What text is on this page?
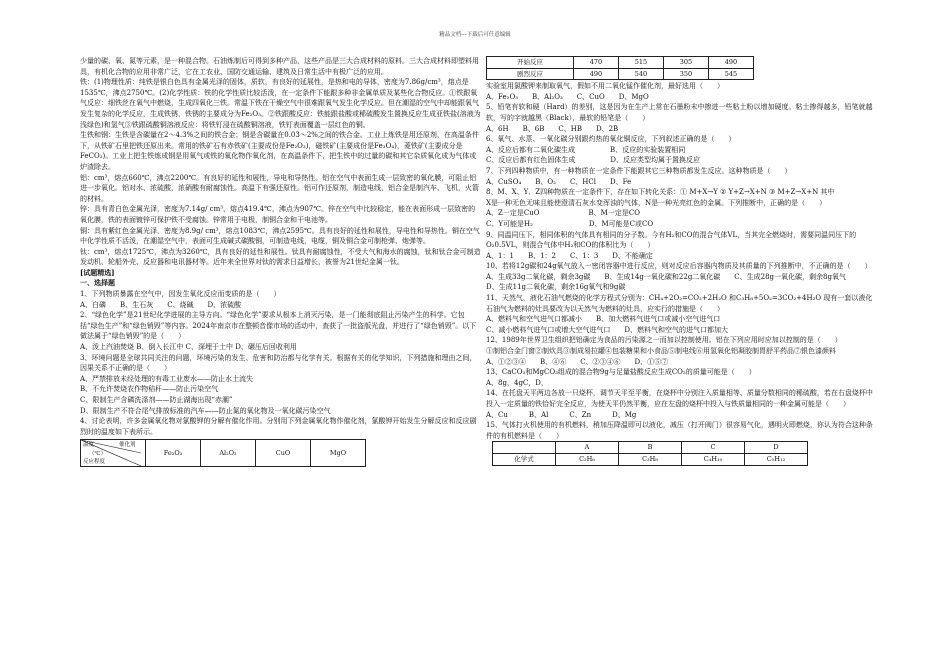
精品文档---下载后可任意编辑

少量的碳、氧、氮等元素，是一种混合物。石油炼制后可得到多种产品，这些产品是三大合成材料的原料。三大合成材料即塑料用具，有机化合物的应用非常广泛，它在工农业、国防交通运输、建筑及日常生活中有极广泛的应用。

铁：(1)物理性质：纯铁是银白色具有金属光泽的固体，质软，有良好的延展性，是热和电的导体，密度为7.86g/cm³，熔点是1535℃，沸点2750℃。(2)化学性质：铁的化学性质比较活泼，在一定条件下能跟多种非金属单质及某些化合物反应。①铁跟氧气反应：细铁丝在氧气中燃烧，生成四氧化三铁。常温下铁在干燥空气中很难跟氧气发生化学反应。但在潮湿的空气中却能跟氧气发生复杂的化学反应，生成铁锈，铁锈的主要成分为Fe₂O₃。②铁跟酸反应：铁能跟盐酸或稀硫酸发生置换反应生成亚铁盐(溶液为浅绿色)和氢气③铁跟硫酸铜溶液反应：将铁钉浸在硫酸铜溶液，铁钉表面覆盖一层红色的铜。

生铁和钢：生铁是含碳量在2～4.3%之间的铁合金；钢是含碳量在0.03～2%之间的铁合金。工业上炼铁是用还原剂，在高温条件下，从铁矿石里把铁还原出来。常用的铁矿石有赤铁矿(主要成份是Fe₂O₃)，磁铁矿(主要成份是Fe₃O₄)，菱铁矿(主要成分是FeCO₃)。工业上把生铁炼成钢是用氧气或铁的氧化物作氧化剂，在高温条件下，把生铁中的过量的碳和其它杂质氧化成为气体或炉渣除去。

铝：cm³，熔点660℃，沸点2200℃。有良好的延性和展性，导电和导热性。铝在空气中表面生成一层致密的氧化膜，可阻止铝进一步氧化。铝对水、浓硫酸，浓硝酸有耐腐蚀性。高温下有强还原性。铝可作还原剂，制造电线，铝合金是制汽车、飞机，火箭的材料。

锌：具有青白色金属光泽，密度为7.14g/ cm³，熔点419.4℃，沸点为907℃。锌在空气中比较稳定，能在表面形成一层致密的氧化膜，铁的表面镀锌可保护铁不受腐蚀。锌常用于电极，制铜合金和干电池等。

铜：具有紫红色金属光泽，密度为8.9g/ cm³，熔点1083℃，沸点2595℃。具有良好的延性和展性，导电性和导热性。铜在空气中化学性质不活泼，在潮湿空气中，表面可生成碱式碳酸铜，可制造电线，电缆，铜及铜合金可制枪弹、炮弹等。

钛：cm³，熔点1725℃，沸点为3260℃，具有良好的延性和展性。钛具有耐腐蚀性，不受大气和海水的腐蚀，钛和钛合金可制造发动机、轮船外壳、反应器和电讯器材等。近年来全世界对钛的需求日益增长，被誉为21世纪金属一钛。

[试题精选]

一、选择题

1、下列物质暴露在空气中，因发生氧化反应而变质的是（　　）

A、白磷　　B、生石灰　　C、烧碱　　D、浓硫酸

2、“绿色化学”是21世纪化学进展的主导方向。“绿色化学”要求从根本上消灭污染，是一门能彻底阻止污染产生的科学。它包括“绿色生产”和“绿色销毁”等内容。2024年南京市在整顿音像市场的活动中，查获了一批盗版光盘，并进行了“绿色销毁”。以下做法属于“绿色销毁”的是（　　）

A、泼上汽油焚烧 B、倒入长江中 C、深埋于土中 D、碾压后回收利用

3、环境问题是全球共同关注的问题，环境污染的发生、危害和防治都与化学有关。根据有关的化学知识，下列措施和理由之间，因果关系不正确的是（　　）

A、严禁排放未经处理的有毒工业废水——防止水土流失

B、不允许焚烧农作物秸秆——防止污染空气

C、限制生产含磷洗涤剂——防止湖海出现“赤潮”

D、限制生产不符合尾气排放标准的汽车——防止氮的氧化物及一氧化碳污染空气

4、讨论表明，许多金属氧化物对氯酸钾的分解有催化作用。分别用下列金属氧化物作催化剂，氯酸钾开始发生分解反应和反应剧烈时的温度如下表所示。

温度	催化剂
（℃）
反应程度
	Fe₂O₃	Al₂O₃	CuO	MgO
开始反应	470	515	305	490
剧烈反应	490	540	350	545

实验室用氯酸钾来制取氧气，假如不用二氧化锰作催化剂，最好选用（　　）

A、Fe₂O₃　　B、Al₂O₃　　C、CuO　　D、MgO

5、铅笔有软和硬（Hard）的差别，这是因为在生产上常在石墨粉末中掺进一些粘土粉以增加硬度。粘土掺得越多，铅笔就越软，写的字就越黑（Black），最软的铅笔是（　　）

A、6H　　B、6B　　C、HB　　D、2B

6、氧气、水蒸、一氧化碳分别跟灼热的氧化铜反应，下列叙述正确的是（　　）

A、反应后都有二氧化碳生成　　　　　B、反应的实验装置相同

C、反应后都有红色固体生成　　　　　D、反应类型均属于置换反应

7、下列四种物质中，有一种物质在一定条件下能跟其它三种物质都发生反应。这种物质是（　　）

A、CuSO₄　　B、O₂　　C、HCl　　D、Fe

8、M、X、Y、Z四种物质在一定条件下，存在如下转化关系：① M+X→Y ② Y+Z→X+N ③ M+Z→X+N 其中

X是一种无色无味且能使澄清石灰水变浑浊的气体，N是一种光亮红色的金属。下列推断中，正确的是（　　）

A、Z一定是CuO　　　　　　　B、M一定是CO

C、Y可能是H₂　　　　　　　　D、M可能是C或CO

9、同温同压下，相同体积的气体具有相同的分子数。今有H₂和CO的混合气体VL，当其完全燃烧时，需要同温同压下的O₂0.5VL，则混合气体中H₂和CO的体积比为（　　）

A、1：1　　B、1：2　　C、1：3　　D、不能确定

10、若将12g碳和24g氧气放入一密闭容器中进行反应，则对反应后容器内物质及其质量的下列推断中，不正确的是（　　）

A、生成33g二氧化碳，剩余3g碳　　B、生成14g一氧化碳和22g二氧化碳　　C、生成28g一氧化碳，剩余8g氧气

D、生成11g二氧化碳，剩余16g氧气和9g碳

11、天然气，液化石油气燃烧的化学方程式分别为：CH₄+2O₂=CO₂+2H₂O 和C₃H₈+5O₂=3CO₂+4H₂O 现有一套以液化石油气为燃料的灶具要改为以天然气为燃料的灶具，应实行的措施是（　　）

A、燃料气和空气进气口都减小　　B、加大燃料气进气口或减小空气进气口

C、减小燃料气进气口或增大空气进气口　　D、燃料气和空气的进气口都加大

12、1989年世界卫生组织把铝确定为食品的污染源之一而加以控制使用。铝在下列应用时应加以控制的是（　　）

①制铝合金门窗②制炊具③制成易拉罐④包装糖果和小食品⑤制电线⑥用氢氧化铝凝胶制胃舒平药品⑦银色漆颜料

A、①②③④　　B、④⑥　　C、②③④⑥　　D、①⑤⑦

13、CaCO₃和MgCO₃组成的混合物9g与足量盐酸反应生成CO₂的质量可能是（　　）

A、8g，4gC，D，

14、在托盘天平两边各放一只烧杯，调节天平至平衡，在烧杯中分别注入质量相等、质量分数相同的稀硫酸，若在右盘烧杯中投入一定质量的铁恰好完全反应，为使天平仍然平衡，应在左盘的烧杯中投入与铁质量相同的一种金属可能是（　　）

A、Cu　　　B、Al　　　C、Zn　　　D、Mg

15、气体打火机使用的有机燃料，稍加压降温即可以液化，减压（打开阀门）很容易气化，遇明火即燃烧，你认为符合这种条件的有机燃料是（　　）

	A	B	C	D
化学式	C₂H₆	C₃H₈	C₄H₁₀	C₅H₁₂
